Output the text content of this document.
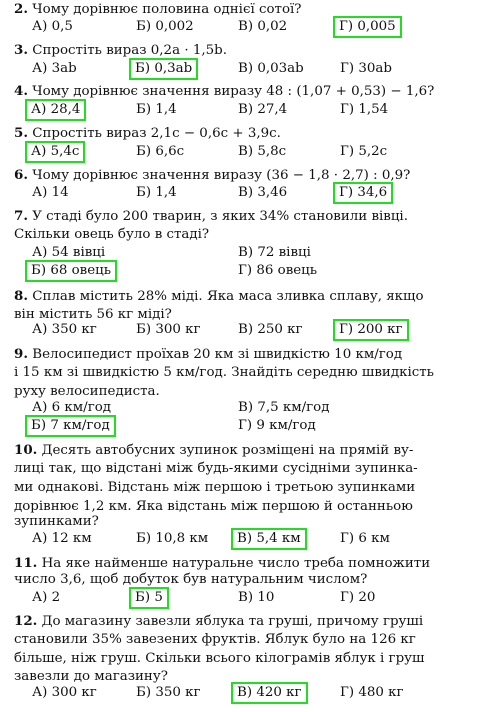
2. Чому дорівнює половина однієї сотої?
А) 0,5	Б) 0,002	В) 0,02	Г) 0,005
3. Спростіть вираз 0,2a · 1,5b.
А) 3ab	Б) 0,3ab	В) 0,03ab	Г) 30ab
4. Чому дорівнює значення виразу 48 : (1,07 + 0,53) − 1,6?
А) 28,4	Б) 1,4	В) 27,4	Г) 1,54
5. Спростіть вираз 2,1c − 0,6c + 3,9c.
А) 5,4c	Б) 6,6c	В) 5,8c	Г) 5,2c
6. Чому дорівнює значення виразу (36 − 1,8 · 2,7) : 0,9?
А) 14	Б) 1,4	В) 3,46	Г) 34,6
7. У стаді було 200 тварин, з яких 34% становили вівці.
Скільки овець було в стаді?
А) 54 вівці	В) 72 вівці
Б) 68 овець	Г) 86 овець
8. Сплав містить 28% міді. Яка маса зливка сплаву, якщо
він містить 56 кг міді?
А) 350 кг	Б) 300 кг	В) 250 кг	Г) 200 кг
9. Велосипедист проїхав 20 км зі швидкістю 10 км/год
і 15 км зі швидкістю 5 км/год. Знайдіть середню швидкість
руху велосипедиста.
А) 6 км/год	В) 7,5 км/год
Б) 7 км/год	Г) 9 км/год
10. Десять автобусних зупинок розміщені на прямій ву-
лиці так, що відстані між будь-якими сусідніми зупинка-
ми однакові. Відстань між першою і третьою зупинками
дорівнює 1,2 км. Яка відстань між першою й останньою
зупинками?
А) 12 км	Б) 10,8 км	В) 5,4 км	Г) 6 км
11. На яке найменше натуральне число треба помножити
число 3,6, щоб добуток був натуральним числом?
А) 2	Б) 5	В) 10	Г) 20
12. До магазину завезли яблука та груші, причому груші
становили 35% завезених фруктів. Яблук було на 126 кг
більше, ніж груш. Скільки всього кілограмів яблук і груш
завезли до магазину?
А) 300 кг	Б) 350 кг	В) 420 кг	Г) 480 кг
